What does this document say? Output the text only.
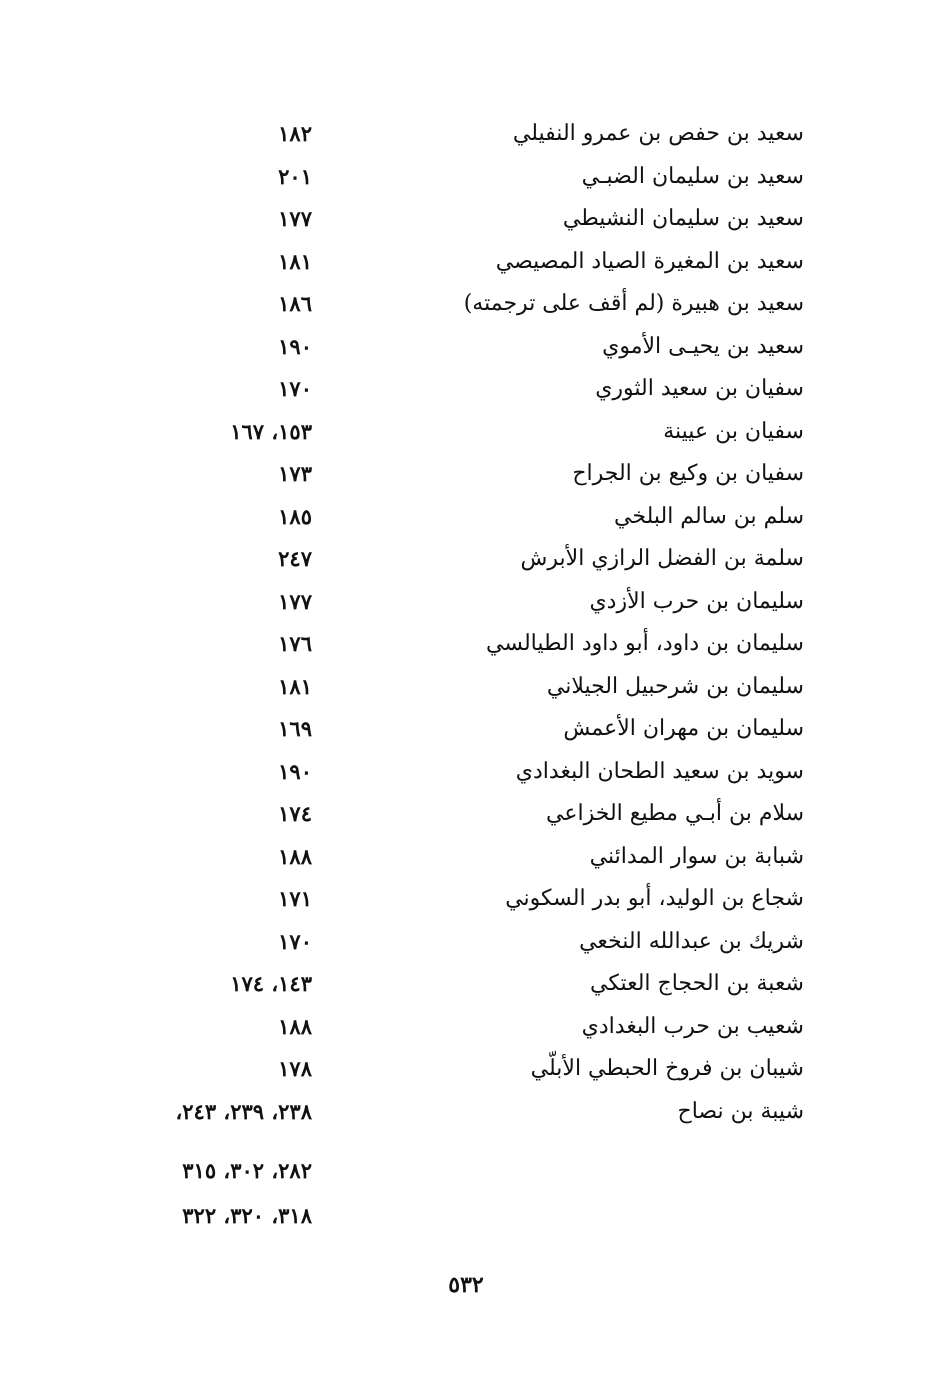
سعيد بن حفص بن عمرو النفيلي
١٨٢
سعيد بن سليمان الضبـي
٢٠١
سعيد بن سليمان النشيطي
١٧٧
سعيد بن المغيرة الصياد المصيصي
١٨١
سعيد بن هبيرة (لم أقف على ترجمته)
١٨٦
سعيد بن يحيـى الأموي
١٩٠
سفيان بن سعيد الثوري
١٧٠
سفيان بن عيينة
١٥٣، ١٦٧
سفيان بن وكيع بن الجراح
١٧٣
سلم بن سالم البلخي
١٨٥
سلمة بن الفضل الرازي الأبرش
٢٤٧
سليمان بن حرب الأزدي
١٧٧
سليمان بن داود، أبو داود الطيالسي
١٧٦
سليمان بن شرحبيل الجيلاني
١٨١
سليمان بن مهران الأعمش
١٦٩
سويد بن سعيد الطحان البغدادي
١٩٠
سلام بن أبـي مطيع الخزاعي
١٧٤
شبابة بن سوار المدائني
١٨٨
شجاع بن الوليد، أبو بدر السكوني
١٧١
شريك بن عبدالله النخعي
١٧٠
شعبة بن الحجاج العتكي
١٤٣، ١٧٤
شعيب بن حرب البغدادي
١٨٨
شيبان بن فروخ الحبطي الأبلّي
١٧٨
شيبة بن نصاح
٢٣٨، ٢٣٩، ٢٤٣،
٢٨٢، ٣٠٢، ٣١٥
٣١٨، ٣٢٠، ٣٢٢
٥٣٢
